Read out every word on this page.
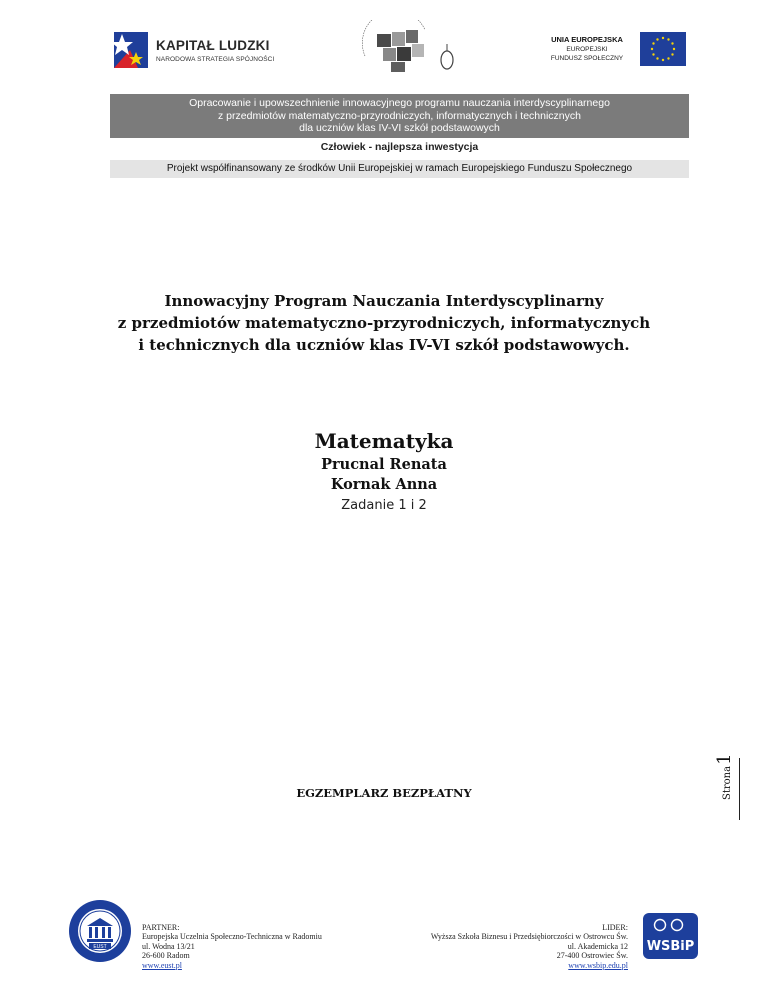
KAPITAŁ LUDZKI
NARODOWA STRATEGIA SPÓJNOŚCI
UNIA EUROPEJSKA
EUROPEJSKI
FUNDUSZ SPOŁECZNY
Opracowanie i upowszechnienie innowacyjnego programu nauczania interdyscyplinarnego
z przedmiotów matematyczno-przyrodniczych, informatycznych i technicznych
dla uczniów klas IV-VI szkół podstawowych
Człowiek - najlepsza inwestycja
Projekt współfinansowany ze środków Unii Europejskiej w ramach Europejskiego Funduszu Społecznego
Innowacyjny Program Nauczania Interdyscyplinarny
z przedmiotów matematyczno-przyrodniczych, informatycznych
i technicznych dla uczniów klas IV-VI szkół podstawowych.
Matematyka
Prucnal Renata
Kornak Anna
Zadanie 1 i 2
EGZEMPLARZ BEZPŁATNY	Strona1
EUST
PARTNER:
Europejska Uczelnia Społeczno-Techniczna w Radomiu
ul. Wodna 13/21
26-600 Radom
www.eust.pl
LIDER:
Wyższa Szkoła Biznesu i Przedsiębiorczości w Ostrowcu Św.
ul. Akademicka 12
27-400 Ostrowiec Św.
www.wsbip.edu.pl
WSBiP
